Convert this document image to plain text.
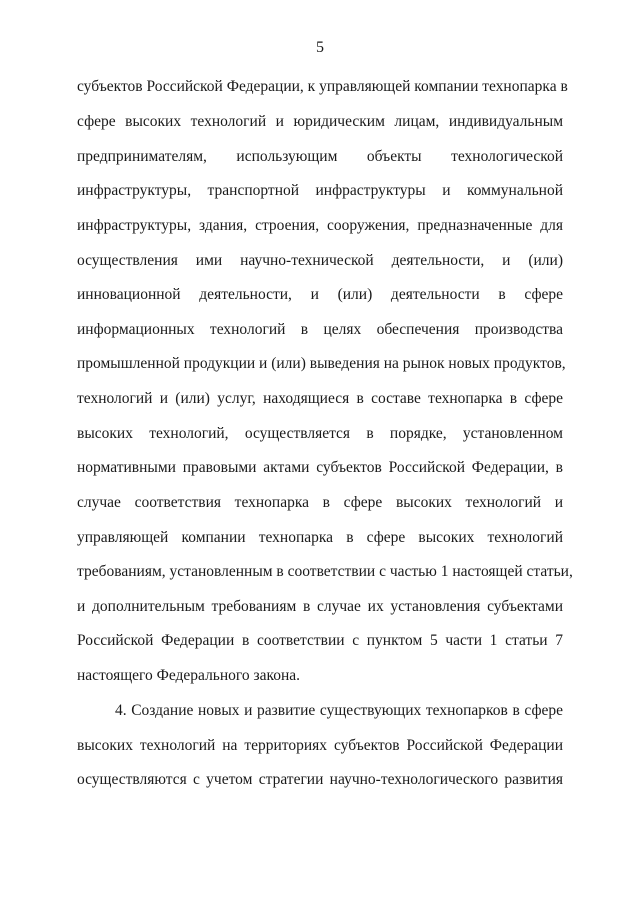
5
субъектов Российской Федерации, к управляющей компании технопарка в
сфере высоких технологий и юридическим лицам, индивидуальным
предпринимателям, использующим объекты технологической
инфраструктуры, транспортной инфраструктуры и коммунальной
инфраструктуры, здания, строения, сооружения, предназначенные для
осуществления ими научно-технической деятельности, и (или)
инновационной деятельности, и (или) деятельности в сфере
информационных технологий в целях обеспечения производства
промышленной продукции и (или) выведения на рынок новых продуктов,
технологий и (или) услуг, находящиеся в составе технопарка в сфере
высоких технологий, осуществляется в порядке, установленном
нормативными правовыми актами субъектов Российской Федерации, в
случае соответствия технопарка в сфере высоких технологий и
управляющей компании технопарка в сфере высоких технологий
требованиям, установленным в соответствии с частью 1 настоящей статьи,
и дополнительным требованиям в случае их установления субъектами
Российской Федерации в соответствии с пунктом 5 части 1 статьи 7
настоящего Федерального закона.
4. Создание новых и развитие существующих технопарков в сфере
высоких технологий на территориях субъектов Российской Федерации
осуществляются с учетом стратегии научно-технологического развития
